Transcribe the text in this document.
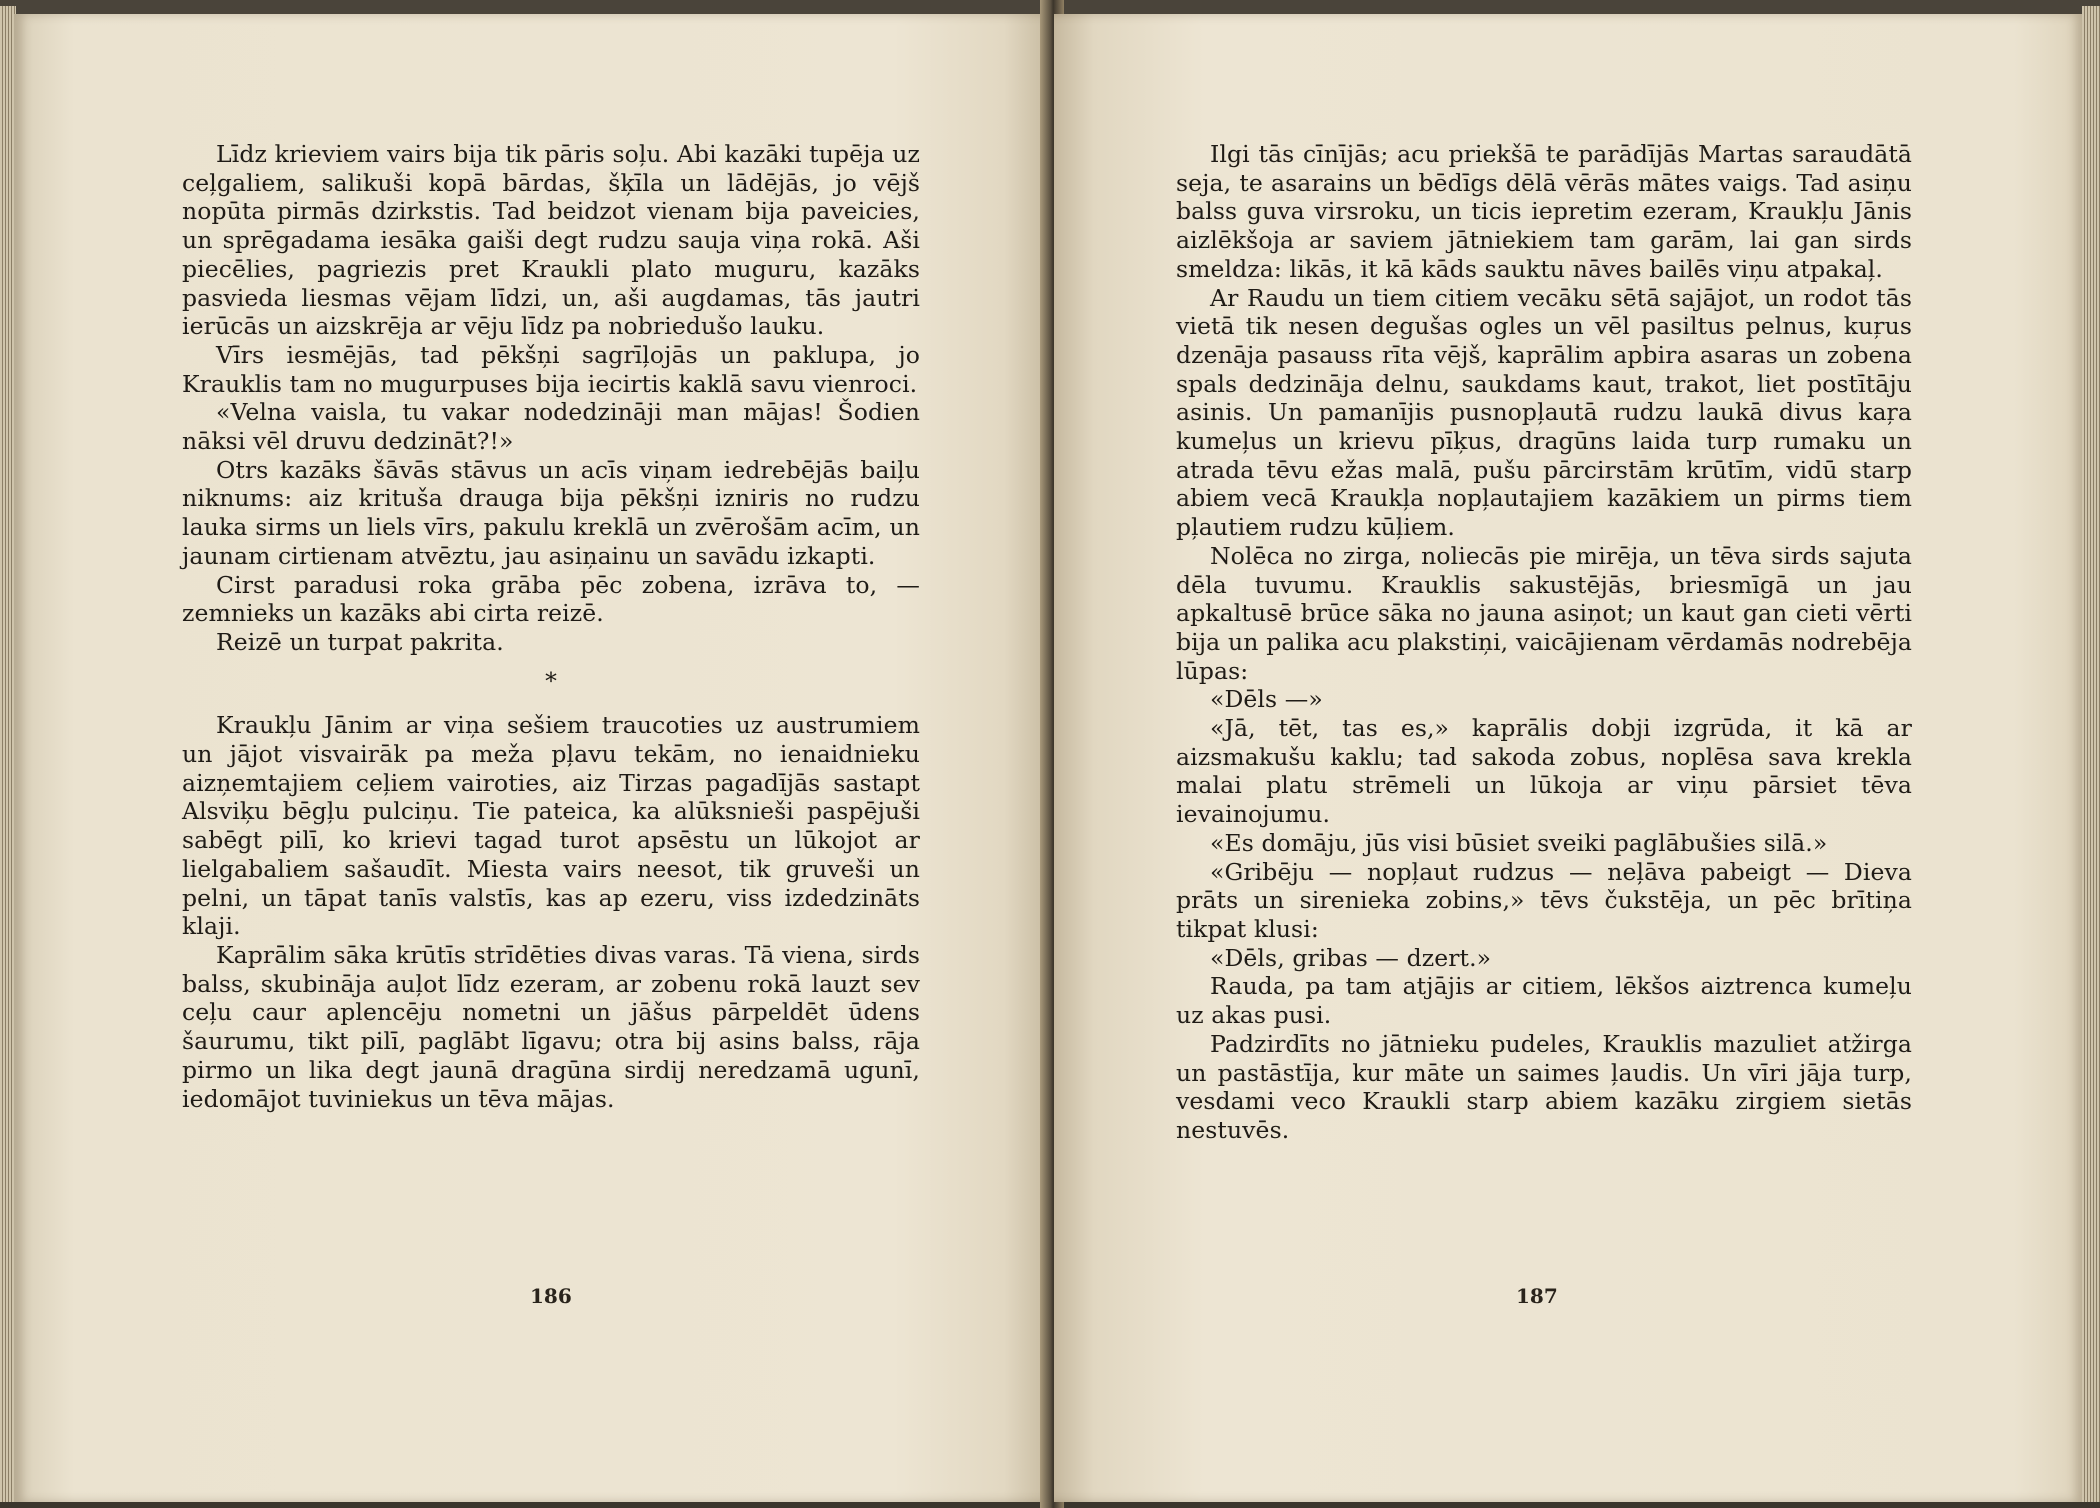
Līdz krieviem vairs bija tik pāris soļu. Abi kazāki tupēja uz ceļgaliem, salikuši kopā bārdas, šķīla un lādējās, jo vējš nopūta pirmās dzirkstis. Tad beidzot vienam bija paveicies, un sprēgadama iesāka gaiši degt rudzu sauja viņa rokā. Aši piecēlies, pagriezis pret Kraukli plato muguru, kazāks pasvieda liesmas vējam līdzi, un, aši augdamas, tās jautri ierūcās un aizskrēja ar vēju līdz pa nobriedušo lauku.

Vīrs iesmējās, tad pēkšņi sagrīļojās un paklupa, jo Krauklis tam no mugurpuses bija iecirtis kaklā savu vienroci.

«Velna vaisla, tu vakar nodedzināji man mājas! Šodien nāksi vēl druvu dedzināt?!»

Otrs kazāks šāvās stāvus un acīs viņam iedrebējās baiļu niknums: aiz krituša drauga bija pēkšņi izniris no rudzu lauka sirms un liels vīrs, pakulu kreklā un zvērošām acīm, un jaunam cirtienam atvēztu, jau asiņainu un savādu izkapti.

Cirst paradusi roka grāba pēc zobena, izrāva to, — zemnieks un kazāks abi cirta reizē.

Reizē un turpat pakrita.

*

Kraukļu Jānim ar viņa sešiem traucoties uz austrumiem un jājot visvairāk pa meža pļavu tekām, no ienaidnieku aizņemtajiem ceļiem vairoties, aiz Tirzas pagadījās sastapt Alsviķu bēgļu pulciņu. Tie pateica, ka alūksnieši paspējuši sabēgt pilī, ko krievi tagad turot apsēstu un lūkojot ar lielgabaliem sašaudīt. Miesta vairs neesot, tik gruveši un pelni, un tāpat tanīs valstīs, kas ap ezeru, viss izdedzināts klaji.

Kaprālim sāka krūtīs strīdēties divas varas. Tā viena, sirds balss, skubināja auļot līdz ezeram, ar zobenu rokā lauzt sev ceļu caur aplencēju nometni un jāšus pārpeldēt ūdens šaurumu, tikt pilī, paglābt līgavu; otra bij asins balss, rāja pirmo un lika degt jaunā dragūna sirdij neredzamā ugunī, iedomājot tuviniekus un tēva mājas.

186

Ilgi tās cīnījās; acu priekšā te parādījās Martas saraudātā seja, te asarains un bēdīgs dēlā vērās mātes vaigs. Tad asiņu balss guva virsroku, un ticis iepretim ezeram, Kraukļu Jānis aizlēkšoja ar saviem jātniekiem tam garām, lai gan sirds smeldza: likās, it kā kāds sauktu nāves bailēs viņu atpakaļ.

Ar Raudu un tiem citiem vecāku sētā sajājot, un rodot tās vietā tik nesen degušas ogles un vēl pasiltus pelnus, kuŗus dzenāja pasauss rīta vējš, kaprālim apbira asaras un zobena spals dedzināja delnu, saukdams kaut, trakot, liet postītāju asinis. Un pamanījis pusnopļautā rudzu laukā divus kaŗa kumeļus un krievu pīķus, dragūns laida turp rumaku un atrada tēvu ežas malā, pušu pārcirstām krūtīm, vidū starp abiem vecā Kraukļa nopļautajiem kazākiem un pirms tiem pļautiem rudzu kūļiem.

Nolēca no zirga, noliecās pie mirēja, un tēva sirds sajuta dēla tuvumu. Krauklis sakustējās, briesmīgā un jau apkaltusē brūce sāka no jauna asiņot; un kaut gan cieti vērti bija un palika acu plakstiņi, vaicājienam vērdamās nodrebēja lūpas:

«Dēls —»

«Jā, tēt, tas es,» kaprālis dobji izgrūda, it kā ar aizsmakušu kaklu; tad sakoda zobus, noplēsa sava krekla malai platu strēmeli un lūkoja ar viņu pārsiet tēva ievainojumu.

«Es domāju, jūs visi būsiet sveiki paglābušies silā.»

«Gribēju — nopļaut rudzus — neļāva pabeigt — Dieva prāts un sirenieka zobins,» tēvs čukstēja, un pēc brītiņa tikpat klusi:

«Dēls, gribas — dzert.»

Rauda, pa tam atjājis ar citiem, lēkšos aiztrenca kumeļu uz akas pusi.

Padzirdīts no jātnieku pudeles, Krauklis mazuliet atžirga un pastāstīja, kur māte un saimes ļaudis. Un vīri jāja turp, vesdami veco Kraukli starp abiem kazāku zirgiem sietās nestuvēs.

187
